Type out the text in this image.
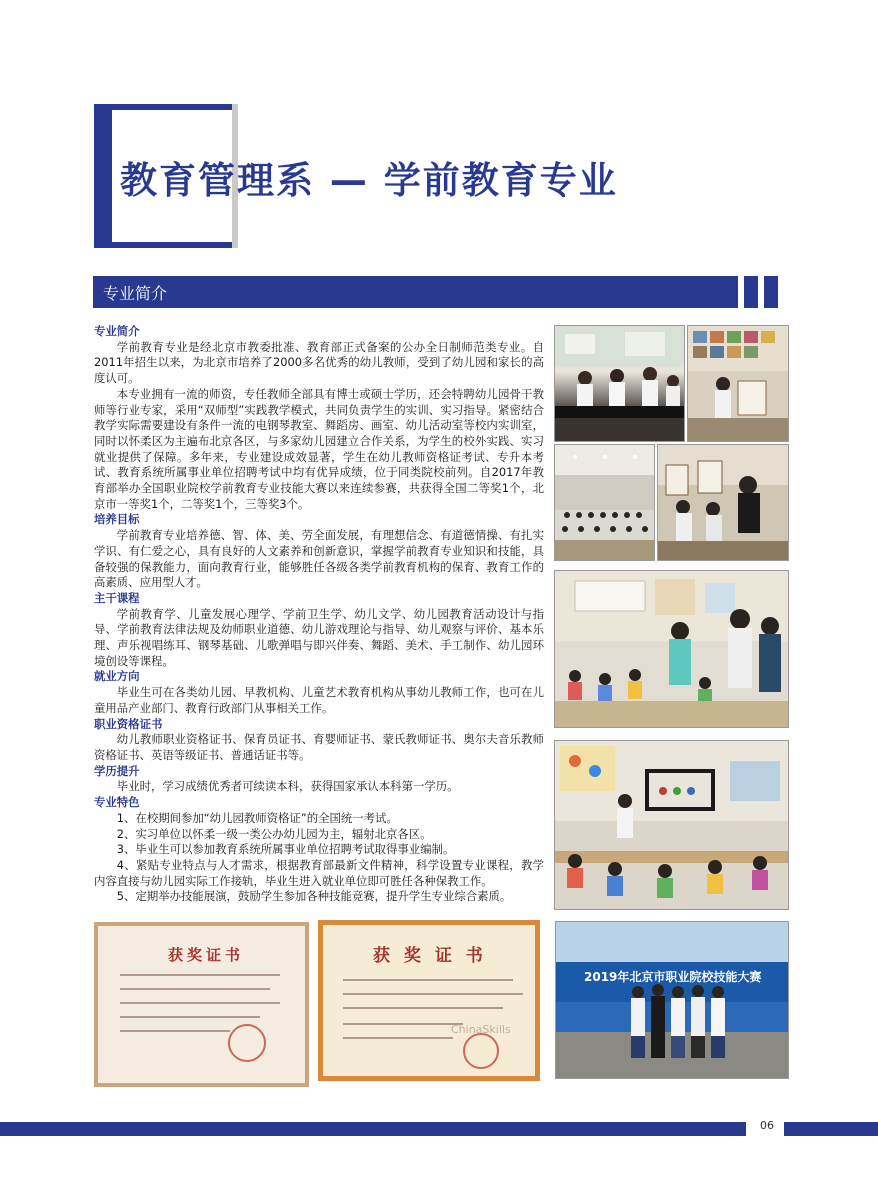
教育管理系 — 学前教育专业
专业简介
专业简介

学前教育专业是经北京市教委批准、教育部正式备案的公办全日制师范类专业。自2011年招生以来，为北京市培养了2000多名优秀的幼儿教师，受到了幼儿园和家长的高度认可。

本专业拥有一流的师资，专任教师全部具有博士或硕士学历，还会特聘幼儿园骨干教师等行业专家，采用“双师型”实践教学模式，共同负责学生的实训、实习指导。紧密结合教学实际需要建设有条件一流的电钢琴教室、舞蹈房、画室、幼儿活动室等校内实训室，同时以怀柔区为主遍布北京各区，与多家幼儿园建立合作关系，为学生的校外实践、实习就业提供了保障。多年来，专业建设成效显著，学生在幼儿教师资格证考试、专升本考试、教育系统所属事业单位招聘考试中均有优异成绩，位于同类院校前列。自2017年教育部举办全国职业院校学前教育专业技能大赛以来连续参赛，共获得全国二等奖1个，北京市一等奖1个，二等奖1个，三等奖3个。

培养目标

学前教育专业培养德、智、体、美、劳全面发展，有理想信念、有道德情操、有扎实学识、有仁爱之心，具有良好的人文素养和创新意识，掌握学前教育专业知识和技能，具备较强的保教能力，面向教育行业，能够胜任各级各类学前教育机构的保育、教育工作的高素质、应用型人才。

主干课程

学前教育学、儿童发展心理学、学前卫生学、幼儿文学、幼儿园教育活动设计与指导、学前教育法律法规及幼师职业道德、幼儿游戏理论与指导、幼儿观察与评价、基本乐理、声乐视唱练耳、钢琴基础、儿歌弹唱与即兴伴奏、舞蹈、美术、手工制作、幼儿园环境创设等课程。

就业方向

毕业生可在各类幼儿园、早教机构、儿童艺术教育机构从事幼儿教师工作，也可在儿童用品产业部门、教育行政部门从事相关工作。

职业资格证书

幼儿教师职业资格证书、保育员证书、育婴师证书、蒙氏教师证书、奥尔夫音乐教师资格证书、英语等级证书、普通话证书等。

学历提升

毕业时，学习成绩优秀者可续读本科，获得国家承认本科第一学历。

专业特色

1、在校期间参加“幼儿园教师资格证”的全国统一考试。

2、实习单位以怀柔一级一类公办幼儿园为主，辐射北京各区。

3、毕业生可以参加教育系统所属事业单位招聘考试取得事业编制。

4、紧贴专业特点与人才需求，根据教育部最新文件精神，科学设置专业课程，教学内容直接与幼儿园实际工作接轨，毕业生进入就业单位即可胜任各种保教工作。

5、定期举办技能展演，鼓励学生参加各种技能竞赛，提升学生专业综合素质。

获奖证书	获 奖 证 书
ChinaSkills
2019年北京市职业院校技能大赛
06
